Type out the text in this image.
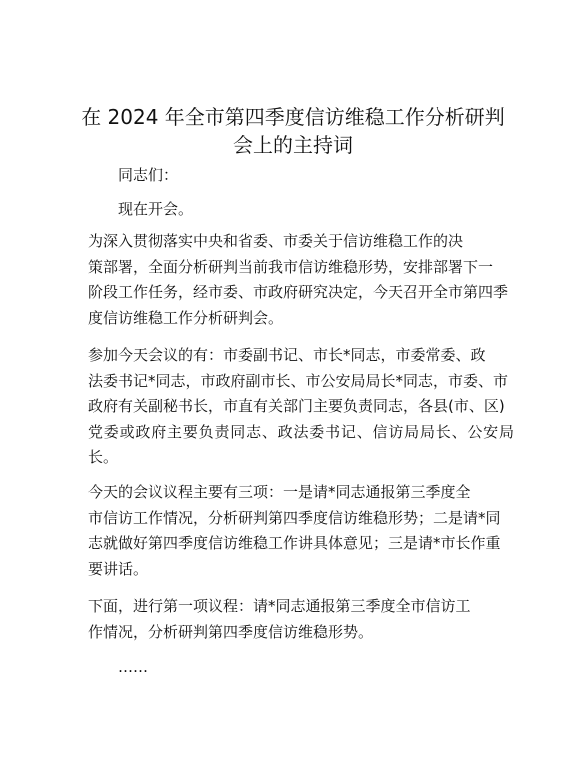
在 2024 年全市第四季度信访维稳工作分析研判
会上的主持词

同志们：

现在开会。

为深入贯彻落实中央和省委、市委关于信访维稳工作的决
策部署，全面分析研判当前我市信访维稳形势，安排部署下一
阶段工作任务，经市委、市政府研究决定，今天召开全市第四季
度信访维稳工作分析研判会。

参加今天会议的有：市委副书记、市长*同志，市委常委、政
法委书记*同志，市政府副市长、市公安局局长*同志，市委、市
政府有关副秘书长，市直有关部门主要负责同志，各县(市、区)
党委或政府主要负责同志、政法委书记、信访局局长、公安局长。

今天的会议议程主要有三项：一是请*同志通报第三季度全
市信访工作情况，分析研判第四季度信访维稳形势；二是请*同
志就做好第四季度信访维稳工作讲具体意见；三是请*市长作重
要讲话。

下面，进行第一项议程：请*同志通报第三季度全市信访工
作情况，分析研判第四季度信访维稳形势。

……
